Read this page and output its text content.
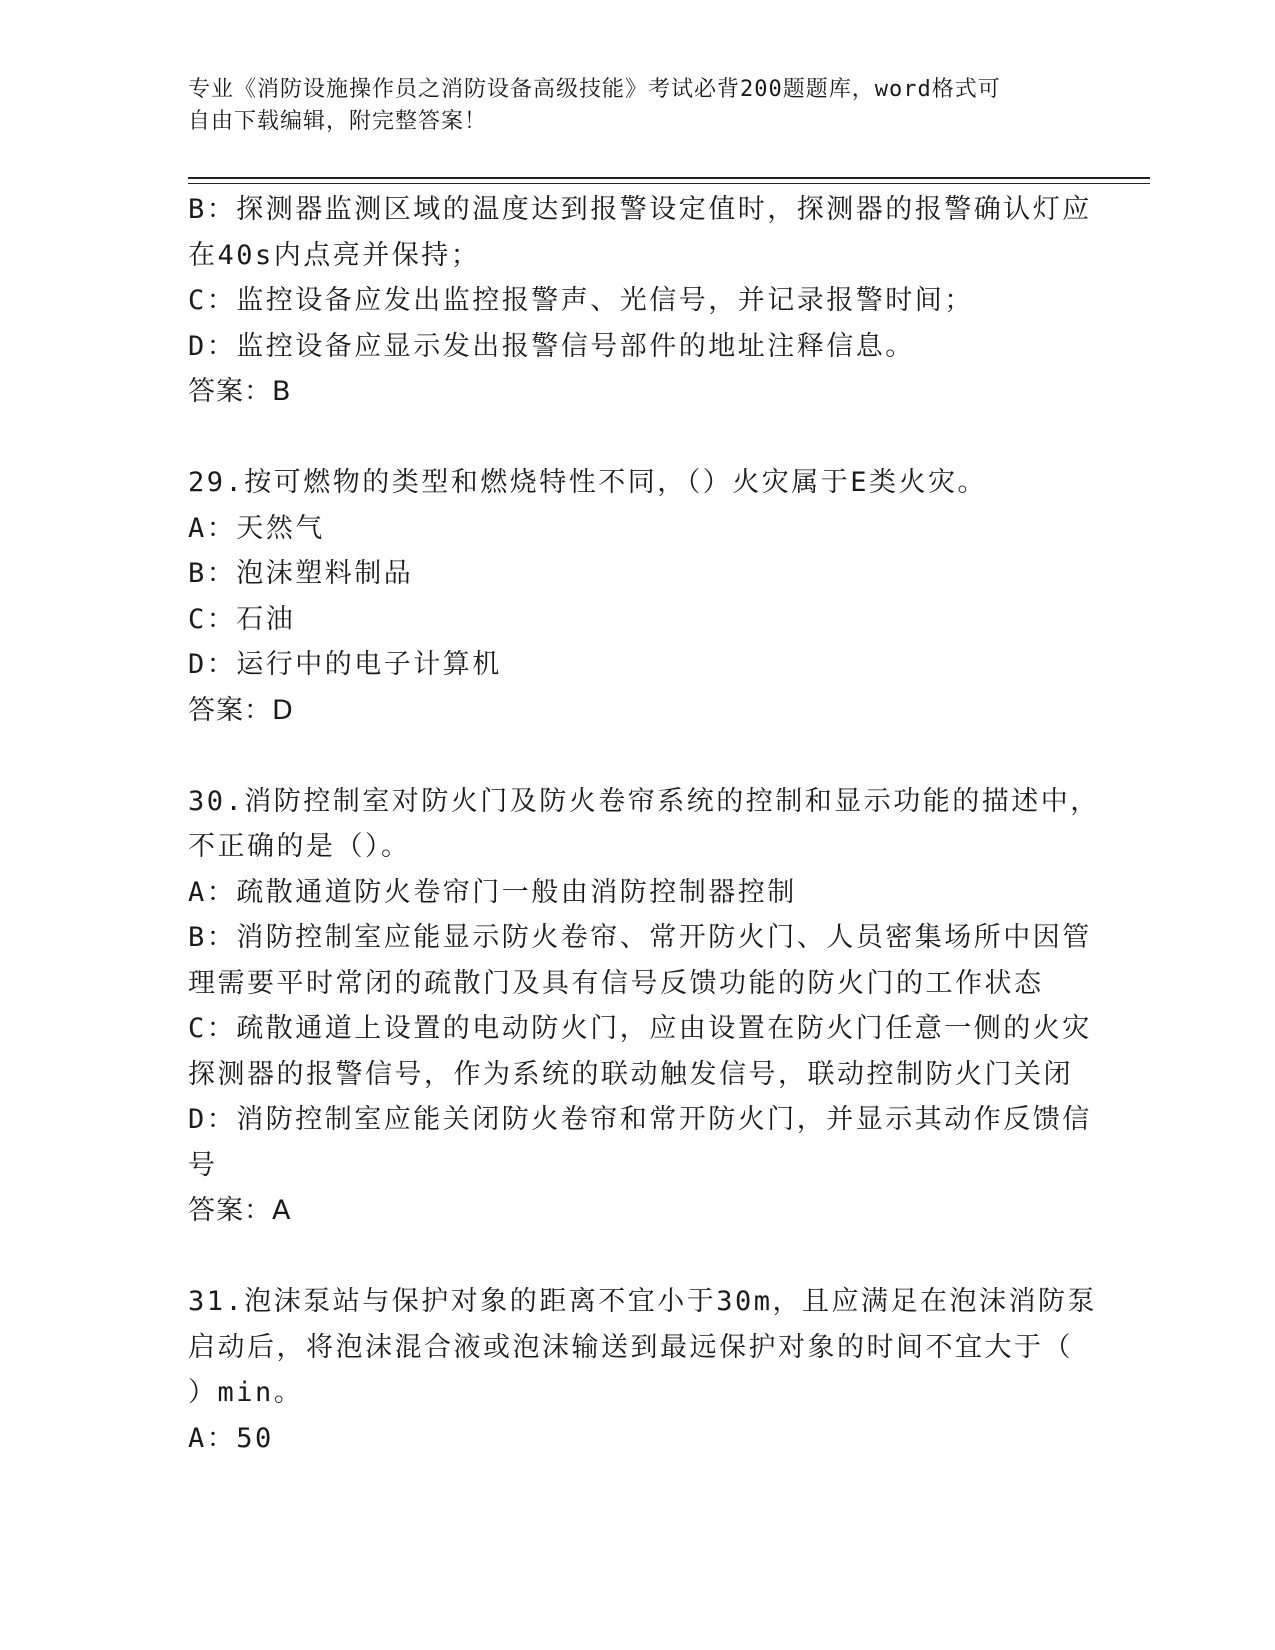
专业《消防设施操作员之消防设备高级技能》考试必背200题题库，word格式可
自由下载编辑，附完整答案！
B：探测器监测区域的温度达到报警设定值时，探测器的报警确认灯应
在40s内点亮并保持；
C：监控设备应发出监控报警声、光信号，并记录报警时间；
D：监控设备应显示发出报警信号部件的地址注释信息。
答案：B
29.按可燃物的类型和燃烧特性不同，（）火灾属于E类火灾。
A：天然气
B：泡沫塑料制品
C：石油
D：运行中的电子计算机
答案：D
30.消防控制室对防火门及防火卷帘系统的控制和显示功能的描述中，
不正确的是（）。
A：疏散通道防火卷帘门一般由消防控制器控制
B：消防控制室应能显示防火卷帘、常开防火门、人员密集场所中因管
理需要平时常闭的疏散门及具有信号反馈功能的防火门的工作状态
C：疏散通道上设置的电动防火门，应由设置在防火门任意一侧的火灾
探测器的报警信号，作为系统的联动触发信号，联动控制防火门关闭
D：消防控制室应能关闭防火卷帘和常开防火门，并显示其动作反馈信
号
答案：A
31.泡沫泵站与保护对象的距离不宜小于30m，且应满足在泡沫消防泵
启动后，将泡沫混合液或泡沫输送到最远保护对象的时间不宜大于（
）min。
A：50
